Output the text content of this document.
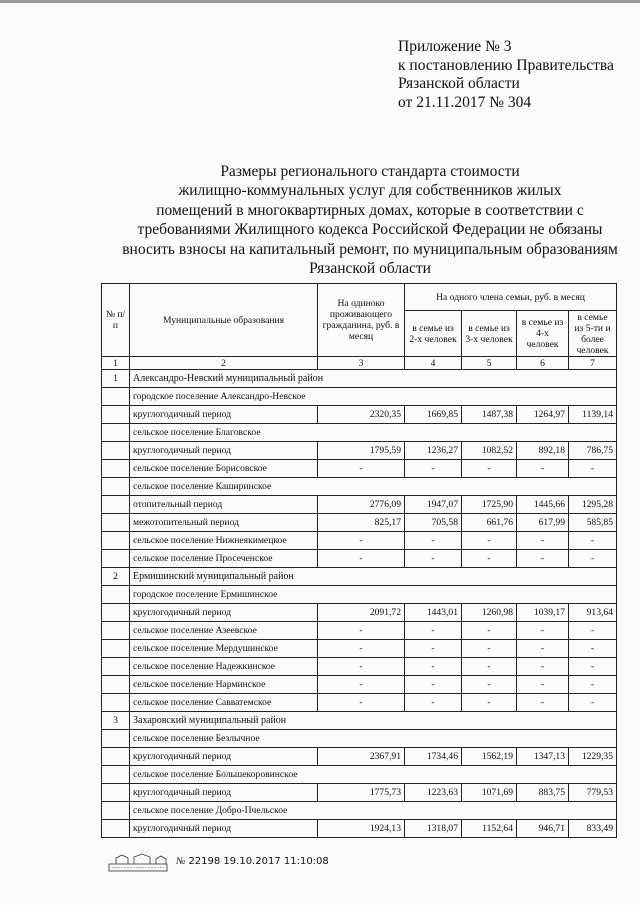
Приложение № 3
к постановлению Правительства
Рязанской области
от 21.11.2017 № 304
Размеры регионального стандарта стоимости
жилищно-коммунальных услуг для собственников жилых
помещений в многоквартирных домах, которые в соответствии с
требованиями Жилищного кодекса Российской Федерации не обязаны
вносить взносы на капитальный ремонт, по муниципальным образованиям
Рязанской области
№ п/п	Муниципальные образования	На одиноко проживающего гражданина, руб. в месяц	На одного члена семьи, руб. в месяц			
			в семье из 2-х человек	в семье из 3-х человек	в семье из 4-х человек	в семье из 5-ти и более человек
1	2	3	4	5	6	7
1	Александро-Невский муниципальный район					
	городское поселение Александро-Невское					
	круглогодичный период	2320,35	1669,85	1487,38	1264,97	1139,14
	сельское поселение Благовское					
	круглогодичный период	1795,59	1236,27	1082,52	892,18	786,75
	сельское поселение Борисовское	-	-	-	-	-
	сельское поселение Каширинское					
	отопительный период	2776,09	1947,07	1725,90	1445,66	1295,28
	межотопительный период	825,17	705,58	661,76	617,99	585,85
	сельское поселение Нижнеякимецкое	-	-	-	-	-
	сельское поселение Просеченское	-	-	-	-	-
2	Ермишинский муниципальный район					
	городское поселение Ермишинское					
	круглогодичный период	2091,72	1443,01	1260,98	1039,17	913,64
	сельское поселение Азеевское	-	-	-	-	-
	сельское поселение Мердушинское	-	-	-	-	-
	сельское поселение Надежкинское	-	-	-	-	-
	сельское поселение Нарминское	-	-	-	-	-
	сельское поселение Савватемское	-	-	-	-	-
3	Захаровский муниципальный район					
	сельское поселение Безлычное					
	круглогодичный период	2367,91	1734,46	1562,19	1347,13	1229,35
	сельское поселение Большекоровинское					
	круглогодичный период	1775,73	1223,63	1071,69	883,75	779,53
	сельское поселение Добро-Пчельское					
	круглогодичный период	1924,13	1318,07	1152,64	946,71	833,49
№ 22198 19.10.2017 11:10:08
